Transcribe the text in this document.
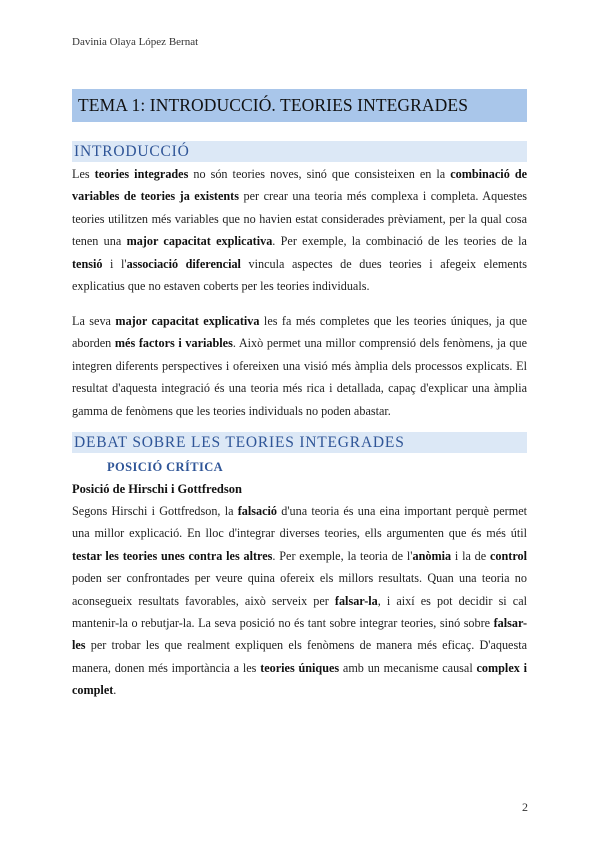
Davinia Olaya López Bernat
TEMA 1: INTRODUCCIÓ. TEORIES INTEGRADES
INTRODUCCIÓ
Les teories integrades no són teories noves, sinó que consisteixen en la combinació de variables de teories ja existents per crear una teoria més complexa i completa. Aquestes teories utilitzen més variables que no havien estat considerades prèviament, per la qual cosa tenen una major capacitat explicativa. Per exemple, la combinació de les teories de la tensió i l'associació diferencial vincula aspectes de dues teories i afegeix elements explicatius que no estaven coberts per les teories individuals.
La seva major capacitat explicativa les fa més completes que les teories úniques, ja que aborden més factors i variables. Això permet una millor comprensió dels fenòmens, ja que integren diferents perspectives i ofereixen una visió més àmplia dels processos explicats. El resultat d'aquesta integració és una teoria més rica i detallada, capaç d'explicar una àmplia gamma de fenòmens que les teories individuals no poden abastar.
DEBAT SOBRE LES TEORIES INTEGRADES
POSICIÓ CRÍTICA
Posició de Hirschi i Gottfredson
Segons Hirschi i Gottfredson, la falsació d'una teoria és una eina important perquè permet una millor explicació. En lloc d'integrar diverses teories, ells argumenten que és més útil testar les teories unes contra les altres. Per exemple, la teoria de l'anòmia i la de control poden ser confrontades per veure quina ofereix els millors resultats. Quan una teoria no aconsegueix resultats favorables, això serveix per falsar-la, i així es pot decidir si cal mantenir-la o rebutjar-la. La seva posició no és tant sobre integrar teories, sinó sobre falsar-les per trobar les que realment expliquen els fenòmens de manera més eficaç. D'aquesta manera, donen més importància a les teories úniques amb un mecanisme causal complex i complet.
2
